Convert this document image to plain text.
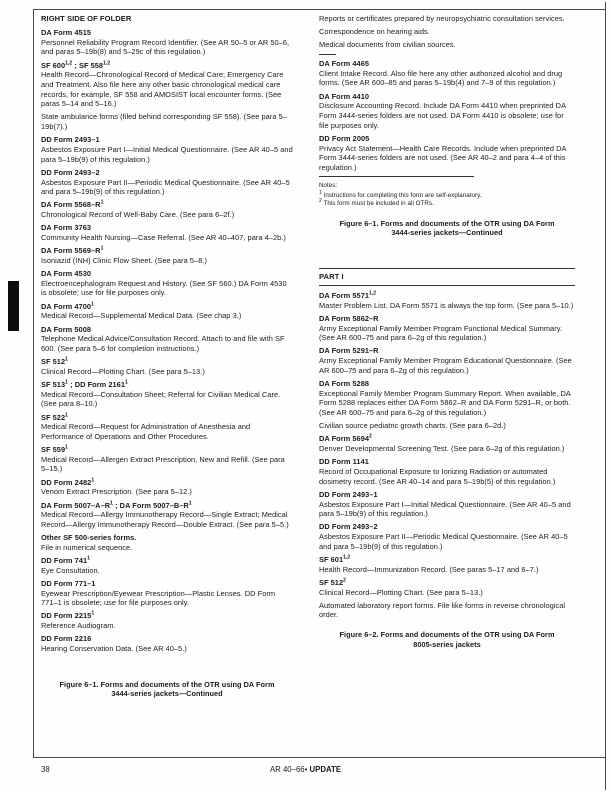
RIGHT SIDE OF FOLDER
DA Form 4515
Personnel Reliability Program Record Identifier. (See AR 50–5 or AR 50–6, and paras 5–19b(8) and 5–29c of this regulation.)
SF 600$^{1,2}$ ; SF 558$^{1,2}$
Health Record—Chronological Record of Medical Care; Emergency Care and Treatment. Also file here any other basic chronological medical care records, for example, SF 558 and AMOSIST local encounter forms. (See paras 5–14 and 5–16.)
State ambulance forms (filed behind corresponding SF 558). (See para 5–19b(7).)
DD Form 2493–1
Asbestos Exposure Part I—Initial Medical Questionnaire. (See AR 40–5 and para 5–19b(9) of this regulation.)
DD Form 2493–2
Asbestos Exposure Part II—Periodic Medical Questionnaire. (See AR 40–5 and para 5–19b(9) of this regulation.)
DA Form $5568-R^1$
Chronological Record of Well-Baby Care. (See para 6–2f.)
DA Form 3763
Community Health Nursing—Case Referral. (See AR 40–407, para 4–2b.)
DA Form $5569-R^1$
Isoniazid (INH) Clinic Flow Sheet. (See para 5–8.)
DA Form 4530
Electroencephalogram Request and History. (See SF 560.) DA Form 4530 is obsolete; use for file purposes only.
DA Form 4700$^1$
Medical Record—Supplemental Medical Data. (See chap 3.)
DA Form 5008
Telephone Medical Advice/Consultation Record. Attach to and file with SF 600. (See para 5–6 for completion instructions.)
SF $512^1$
Clinical Record—Plotting Chart. (See para 5–13.)
SF $513^1$ ; DD Form 2161$^1$
Medical Record—Consultation Sheet; Referral for Civilian Medical Care. (See para 8–10.)
SF $522^1$
Medical Record—Request for Administration of Anesthesia and Performance of Operations and Other Procedures.
SF $559^1$
Medical Record—Allergen Extract Prescription, New and Refill. (See para 5–15.)
DD Form 2482$^1$
Venom Extract Prescription. (See para 5–12.)
DA Form $5007-A-R^1$ ; DA Form $5007-B-R^1$
Medical Record—Allergy Immunotherapy Record—Single Extract; Medical Record—Allergy Immunotherapy Record—Double Extract. (See para 5–5.)
Other SF 500-series forms.
File in numerical sequence.
DD Form $741^1$
Eye Consultation.
DD Form 771–1
Eyewear Prescription/Eyewear Prescription—Plastic Lenses. DD Form 771–1 is obsolete; use for file purposes only.
DD Form 2215$^1$
Reference Audiogram.
DD Form 2216
Hearing Conservation Data. (See AR 40–5.)
Figure 6–1. Forms and documents of the OTR using DA Form 3444-series jackets—Continued
Reports or certificates prepared by neuropsychiatric consultation services.
Correspondence on hearing aids.
Medical documents from civilian sources.
DA Form 4465
Client Intake Record. Also file here any other authorized alcohol and drug forms. (See AR 600–85 and paras 5–19b(4) and 7–9 of this regulation.)
DA Form 4410
Disclosure Accounting Record. Include DA Form 4410 when preprinted DA Form 3444-series folders are not used. DA Form 4410 is obsolete; use for file purposes only.
DD Form 2005
Privacy Act Statement—Health Care Records. Include when preprinted DA Form 3444-series folders are not used. (See AR 40–2 and para 4–4 of this regulation.)
Notes:
$^1$ Instructions for completing this form are self-explanatory.
$^2$ This form must be included in all OTRs.
Figure 6–1. Forms and documents of the OTR using DA Form 3444-series jackets—Continued
PART I
DA Form 5571$^{1,2}$
Master Problem List. DA Form 5571 is always the top form. (See para 5–10.)
DA Form 5862–R
Army Exceptional Family Member Program Functional Medical Summary. (See AR 600–75 and para 6–2g of this regulation.)
DA Form 5291–R
Army Exceptional Family Member Program Educational Questionnaire. (See AR 600–75 and para 6–2g of this regulation.)
DA Form 5288
Exceptional Family Member Program Summary Report. When available, DA Form 5288 replaces either DA Form 5862–R and DA Form 5291–R, or both. (See AR 600–75 and para 6–2g of this regulation.)
Civilian source pediatric growth charts. (See para 6–2d.)
DA Form 5694$^2$
Denver Developmental Screening Test. (See para 6–2g of this regulation.)
DD Form 1141
Record of Occupational Exposure to Ionizing Radiation or automated dosimetry record. (See AR 40–14 and para 5–19b(5) of this regulation.)
DD Form 2493–1
Asbestos Exposure Part I—Initial Medical Questionnaire. (See AR 40–5 and para 5–19b(9) of this regulation.)
DD Form 2493–2
Asbestos Exposure Part II—Periodic Medical Questionnaire. (See AR 40–5 and para 5–19b(9) of this regulation.)
SF 601$^{1,2}$
Health Record—Immunization Record. (See paras 5–17 and 6–7.)
SF $512^2$
Clinical Record—Plotting Chart. (See para 5–13.)
Automated laboratory report forms. File like forms in reverse chronological order.
Figure 6–2. Forms and documents of the OTR using DA Form 8005-series jackets
38	AR 40–66• UPDATE
